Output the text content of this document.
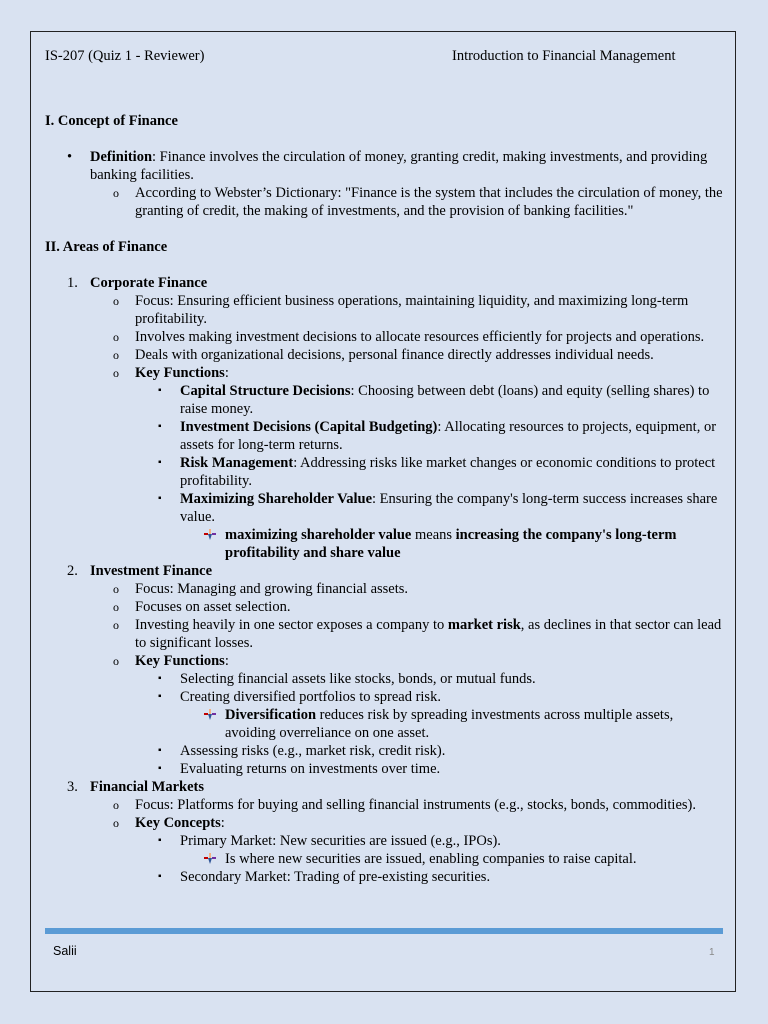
IS-207 (Quiz 1 - Reviewer)	Introduction to Financial Management
I. Concept of Finance
• Definition: Finance involves the circulation of money, granting credit, making investments, and providing banking facilities.
o According to Webster’s Dictionary: "Finance is the system that includes the circulation of money, the granting of credit, the making of investments, and the provision of banking facilities."
II. Areas of Finance
1. Corporate Finance
o Focus: Ensuring efficient business operations, maintaining liquidity, and maximizing long-term profitability.
o Involves making investment decisions to allocate resources efficiently for projects and operations.
o Deals with organizational decisions, personal finance directly addresses individual needs.
o Key Functions:
▪ Capital Structure Decisions: Choosing between debt (loans) and equity (selling shares) to raise money.
▪ Investment Decisions (Capital Budgeting): Allocating resources to projects, equipment, or assets for long-term returns.
▪ Risk Management: Addressing risks like market changes or economic conditions to protect profitability.
▪ Maximizing Shareholder Value: Ensuring the company's long-term success increases share value.
maximizing shareholder value means increasing the company's long-term profitability and share value
2. Investment Finance
o Focus: Managing and growing financial assets.
o Focuses on asset selection.
o Investing heavily in one sector exposes a company to market risk, as declines in that sector can lead to significant losses.
o Key Functions:
▪ Selecting financial assets like stocks, bonds, or mutual funds.
▪ Creating diversified portfolios to spread risk.
Diversification reduces risk by spreading investments across multiple assets, avoiding overreliance on one asset.
▪ Assessing risks (e.g., market risk, credit risk).
▪ Evaluating returns on investments over time.
3. Financial Markets
o Focus: Platforms for buying and selling financial instruments (e.g., stocks, bonds, commodities).
o Key Concepts:
▪ Primary Market: New securities are issued (e.g., IPOs).
Is where new securities are issued, enabling companies to raise capital.
▪ Secondary Market: Trading of pre-existing securities.
Salii	1
